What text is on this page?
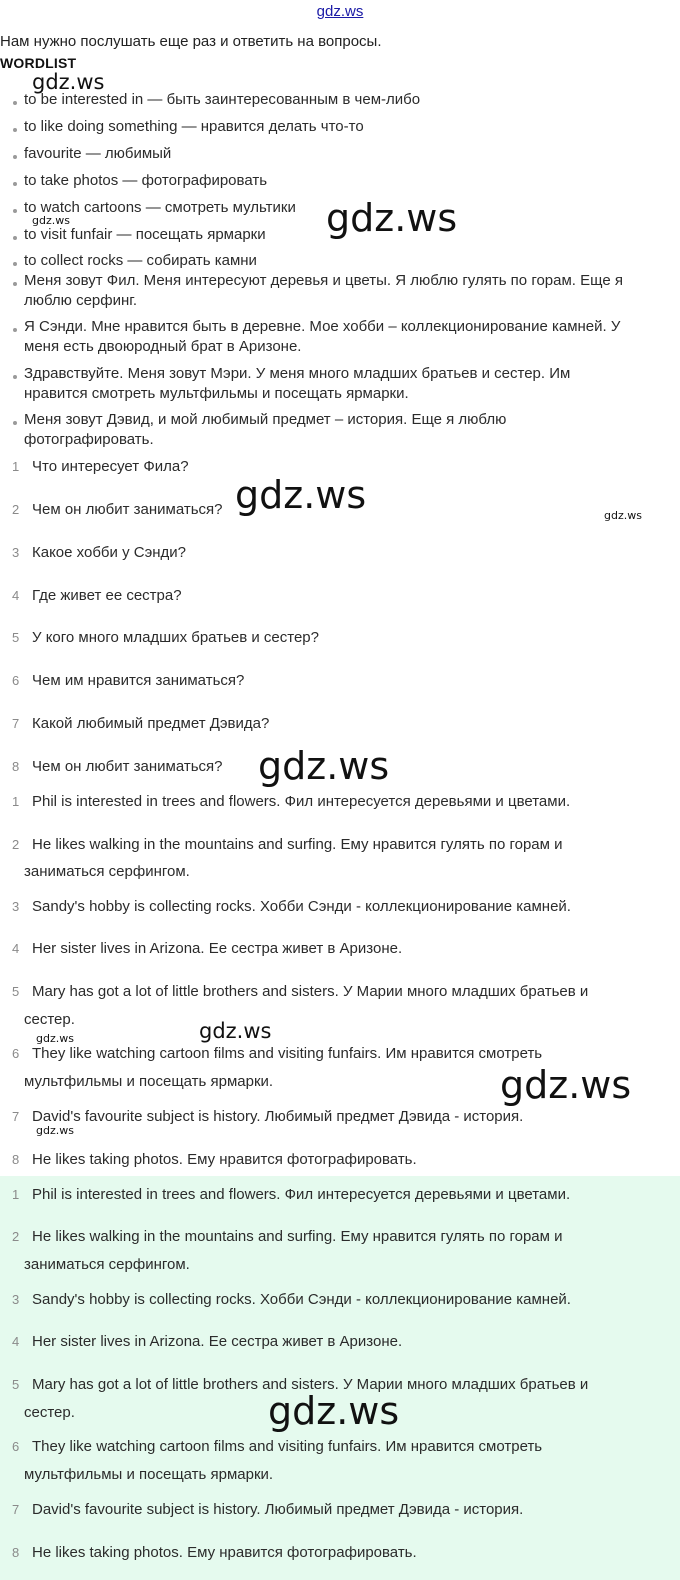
gdz.ws
Нам нужно послушать еще раз и ответить на вопросы.
WORDLIST
to be interested in — быть заинтересованным в чем-либо
to like doing something — нравится делать что-то
favourite — любимый
to take photos — фотографировать
to watch cartoons — смотреть мультики
to visit funfair — посещать ярмарки
to collect rocks — собирать камни
Меня зовут Фил. Меня интересуют деревья и цветы. Я люблю гулять по горам. Еще я
люблю серфинг.
Я Сэнди. Мне нравится быть в деревне. Мое хобби – коллекционирование камней. У
меня есть двоюродный брат в Аризоне.
Здравствуйте. Меня зовут Мэри. У меня много младших братьев и сестер. Им
нравится смотреть мультфильмы и посещать ярмарки.
Меня зовут Дэвид, и мой любимый предмет – история. Еще я люблю
фотографировать.
1 Что интересует Фила?
2 Чем он любит заниматься?
3 Какое хобби у Сэнди?
4 Где живет ее сестра?
5 У кого много младших братьев и сестер?
6 Чем им нравится заниматься?
7 Какой любимый предмет Дэвида?
8 Чем он любит заниматься?
1 Phil is interested in trees and flowers. Фил интересуется деревьями и цветами.
2 He likes walking in the mountains and surfing. Ему нравится гулять по горам и
заниматься серфингом.
3 Sandy's hobby is collecting rocks. Хобби Сэнди - коллекционирование камней.
4 Her sister lives in Arizona. Ее сестра живет в Аризоне.
5 Mary has got a lot of little brothers and sisters. У Марии много младших братьев и
сестер.
6 They like watching cartoon films and visiting funfairs. Им нравится смотреть
мультфильмы и посещать ярмарки.
7 David's favourite subject is history. Любимый предмет Дэвида - история.
8 He likes taking photos. Ему нравится фотографировать.
1 Phil is interested in trees and flowers. Фил интересуется деревьями и цветами.
2 He likes walking in the mountains and surfing. Ему нравится гулять по горам и
заниматься серфингом.
3 Sandy's hobby is collecting rocks. Хобби Сэнди - коллекционирование камней.
4 Her sister lives in Arizona. Ее сестра живет в Аризоне.
5 Mary has got a lot of little brothers and sisters. У Марии много младших братьев и
сестер.
6 They like watching cartoon films and visiting funfairs. Им нравится смотреть
мультфильмы и посещать ярмарки.
7 David's favourite subject is history. Любимый предмет Дэвида - история.
8 He likes taking photos. Ему нравится фотографировать.
gdz.ws
gdz.ws	gdz.ws
gdz.ws	gdz.ws
gdz.ws
gdz.ws
gdz.ws
gdz.ws
gdz.ws
gdz.ws
